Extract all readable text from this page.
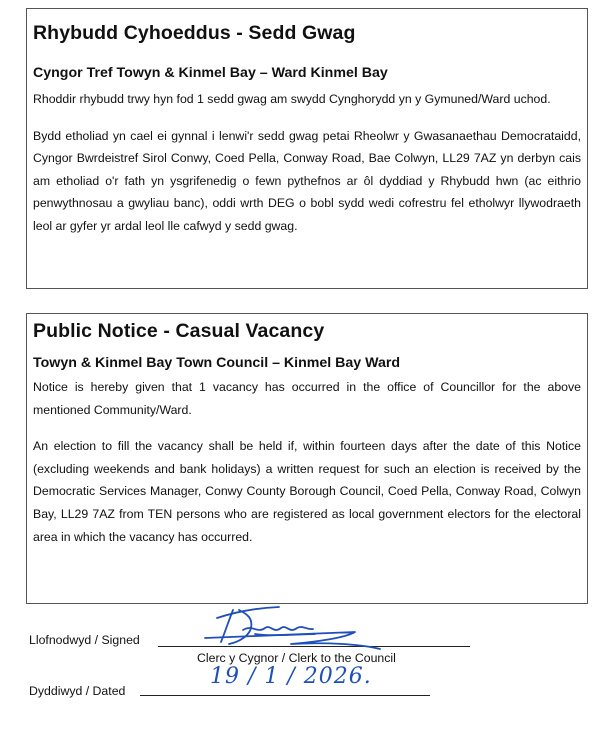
Rhybudd Cyhoeddus - Sedd Gwag
Cyngor Tref Towyn & Kinmel Bay – Ward Kinmel Bay

Rhoddir rhybudd trwy hyn fod 1 sedd gwag am swydd Cynghorydd yn y Gymuned/Ward uchod.

Bydd etholiad yn cael ei gynnal i lenwi'r sedd gwag petai Rheolwr y Gwasanaethau Democrataidd, Cyngor Bwrdeistref Sirol Conwy, Coed Pella, Conway Road, Bae Colwyn, LL29 7AZ yn derbyn cais am etholiad o'r fath yn ysgrifenedig o fewn pythefnos ar ôl dyddiad y Rhybudd hwn (ac eithrio penwythnosau a gwyliau banc), oddi wrth DEG o bobl sydd wedi cofrestru fel etholwyr llywodraeth leol ar gyfer yr ardal leol lle cafwyd y sedd gwag.

Public Notice - Casual Vacancy
Towyn & Kinmel Bay Town Council – Kinmel Bay Ward

Notice is hereby given that 1 vacancy has occurred in the office of Councillor for the above mentioned Community/Ward.

An election to fill the vacancy shall be held if, within fourteen days after the date of this Notice (excluding weekends and bank holidays) a written request for such an election is received by the Democratic Services Manager, Conwy County Borough Council, Coed Pella, Conway Road, Colwyn Bay, LL29 7AZ from TEN persons who are registered as local government electors for the electoral area in which the vacancy has occurred.

Llofnodwyd / Signed
Clerc y Cygnor / Clerk to the Council
Dyddiwyd / Dated
19 / 1 / 2026.
